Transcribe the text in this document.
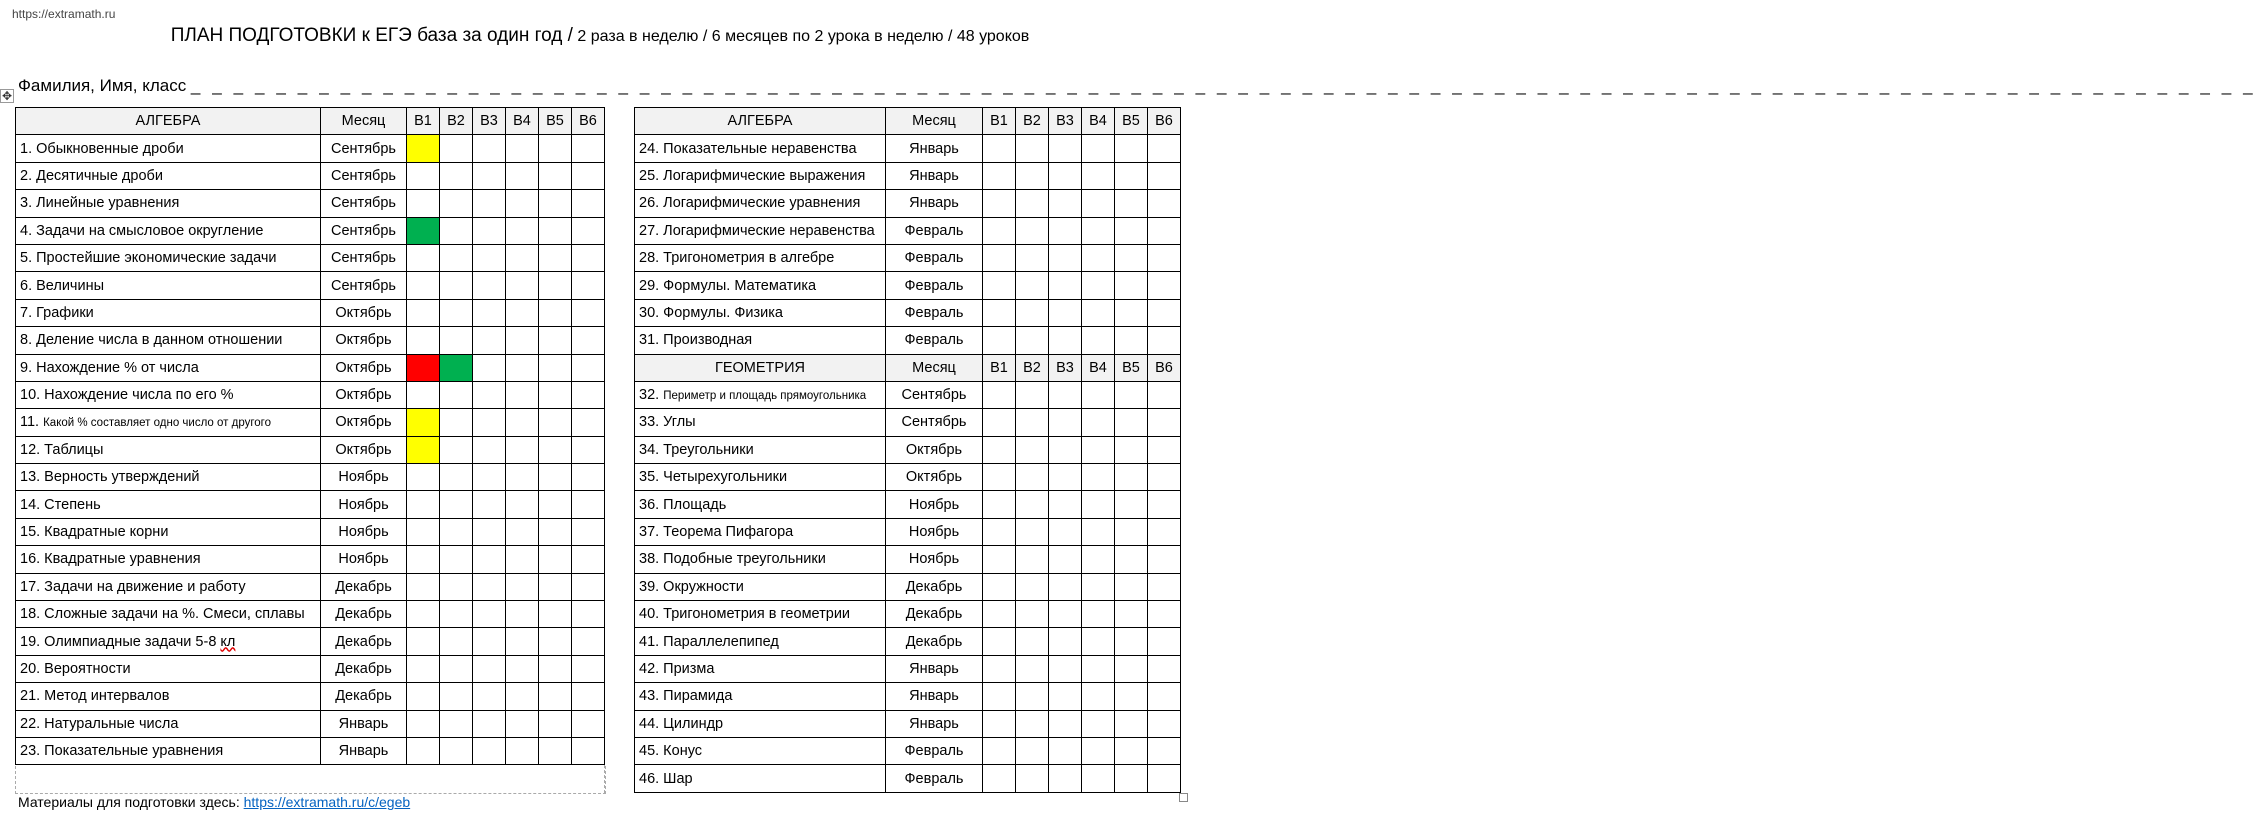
https://extramath.ru
ПЛАН ПОДГОТОВКИ к ЕГЭ база за один год / 2 раза в неделю / 6 месяцев по 2 урока в неделю / 48 уроков
Фамилия, Имя, класс _ _ _ _ _ _ _ _ _ _ _ _ _ _ _ _ _ _ _ _ _ _ _ _ _ _ _ _ _ _ _ _ _ _ _ _ _ _ _ _ _ _ _ _ _ _ _ _ _ _ _ _ _ _ _ _ _ _ _ _ _ _ _ _ _ _ _ _ _ _ _ _ _ _ _ _ _ _ _ _ _ _ _ _ _ _ _ _ _ _ _ _ _ _ _ _ _
✥
АЛГЕБРА	Месяц	В1	В2	В3	В4	В5	В6
1. Обыкновенные дроби	Сентябрь						
2. Десятичные дроби	Сентябрь						
3. Линейные уравнения	Сентябрь						
4. Задачи на смысловое округление	Сентябрь						
5. Простейшие экономические задачи	Сентябрь						
6. Величины	Сентябрь						
7. Графики	Октябрь						
8. Деление числа в данном отношении	Октябрь						
9. Нахождение % от числа	Октябрь						
10. Нахождение числа по его %	Октябрь						
11. Какой % составляет одно число от другого	Октябрь						
12. Таблицы	Октябрь						
13. Верность утверждений	Ноябрь						
14. Степень	Ноябрь						
15. Квадратные корни	Ноябрь						
16. Квадратные уравнения	Ноябрь						
17. Задачи на движение и работу	Декабрь						
18. Сложные задачи на %. Смеси, сплавы	Декабрь						
19. Олимпиадные задачи 5-8 кл	Декабрь						
20. Вероятности	Декабрь						
21. Метод интервалов	Декабрь						
22. Натуральные числа	Январь						
23. Показательные уравнения	Январь						
АЛГЕБРА	Месяц	В1	В2	В3	В4	В5	В6
24. Показательные неравенства	Январь						
25. Логарифмические выражения	Январь						
26. Логарифмические уравнения	Январь						
27. Логарифмические неравенства	Февраль						
28. Тригонометрия в алгебре	Февраль						
29. Формулы. Математика	Февраль						
30. Формулы. Физика	Февраль						
31. Производная	Февраль						
ГЕОМЕТРИЯ	Месяц	В1	В2	В3	В4	В5	В6
32. Периметр и площадь прямоугольника	Сентябрь						
33. Углы	Сентябрь						
34. Треугольники	Октябрь						
35. Четырехугольники	Октябрь						
36. Площадь	Ноябрь						
37. Теорема Пифагора	Ноябрь						
38. Подобные треугольники	Ноябрь						
39. Окружности	Декабрь						
40. Тригонометрия в геометрии	Декабрь						
41. Параллелепипед	Декабрь						
42. Призма	Январь						
43. Пирамида	Январь						
44. Цилиндр	Январь						
45. Конус	Февраль						
46. Шар	Февраль						
Материалы для подготовки здесь: https://extramath.ru/c/egeb
